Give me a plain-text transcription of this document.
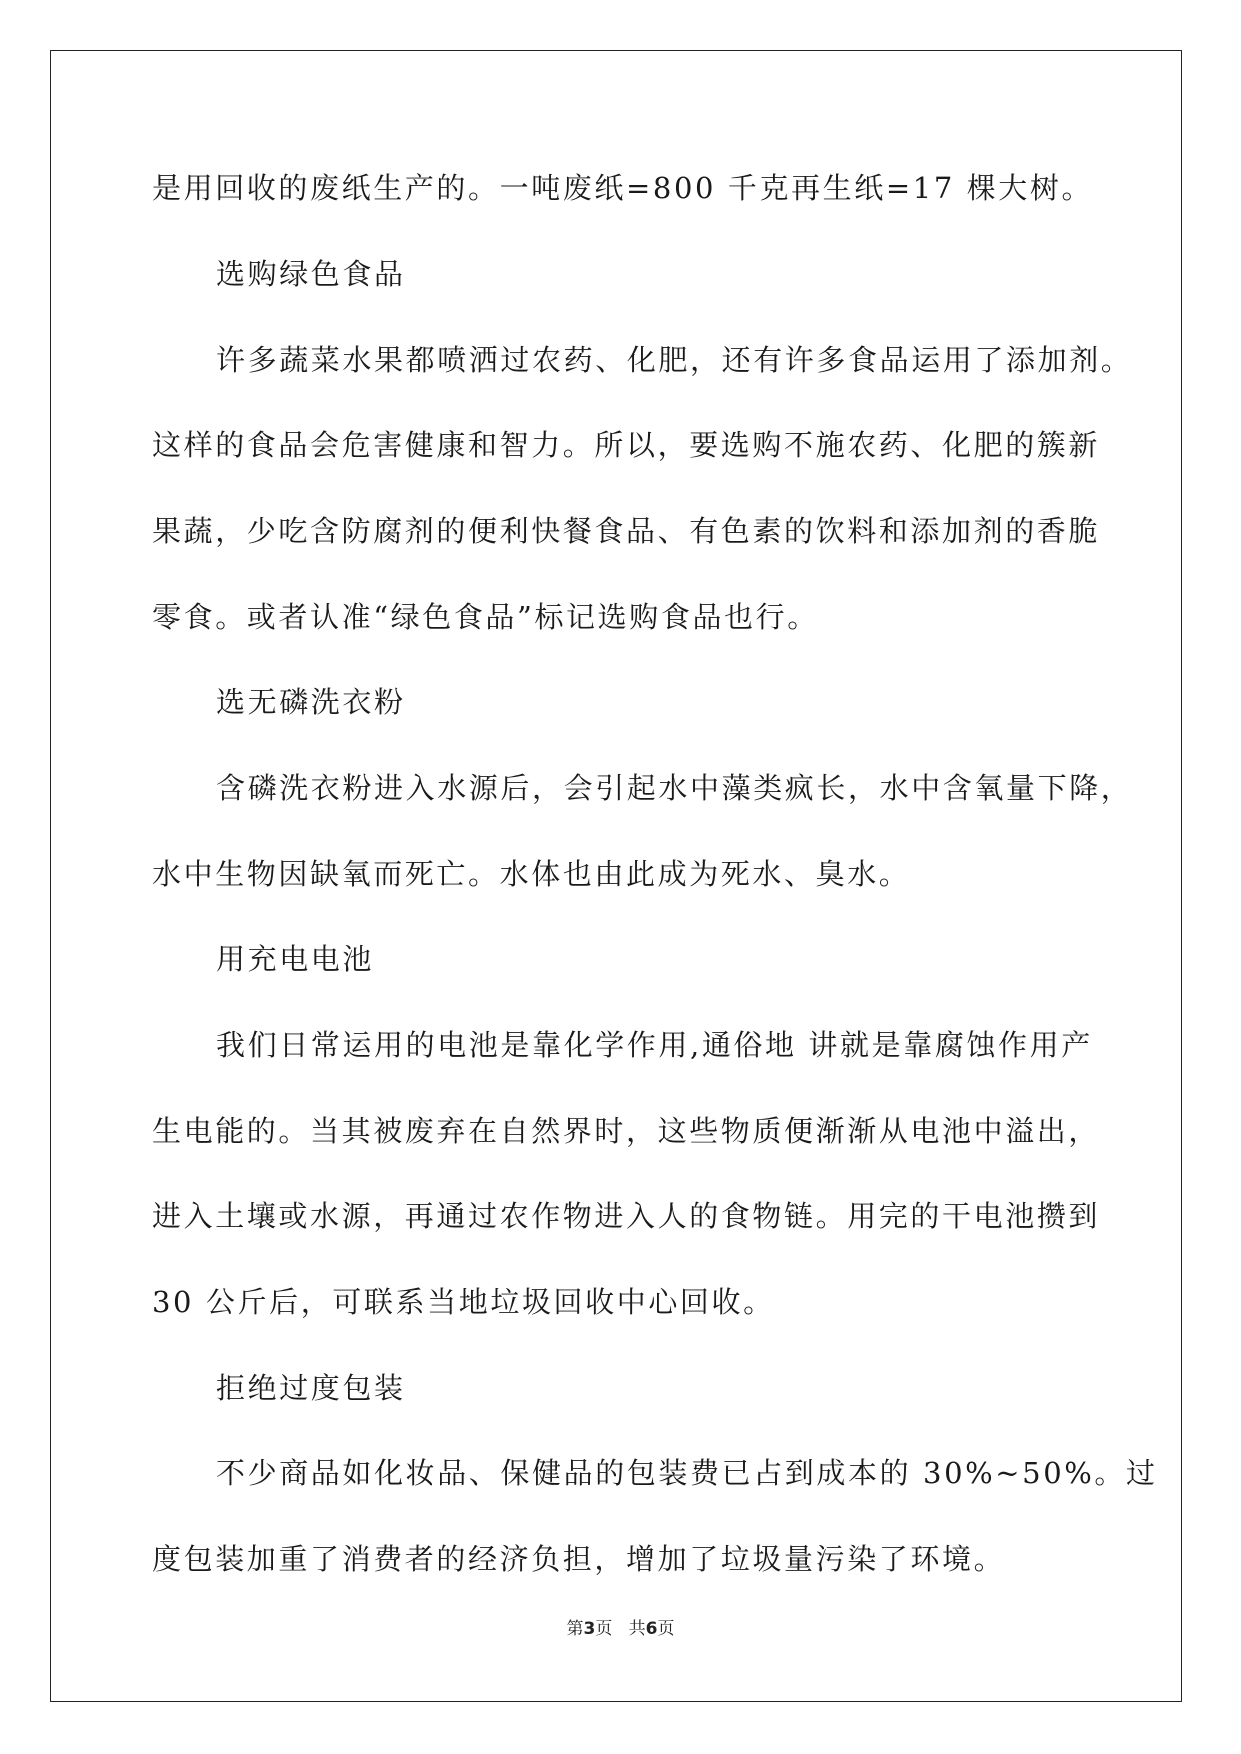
是用回收的废纸生产的。一吨废纸=800 千克再生纸=17 棵大树。
选购绿色食品
许多蔬菜水果都喷洒过农药、化肥，还有许多食品运用了添加剂。
这样的食品会危害健康和智力。所以，要选购不施农药、化肥的簇新
果蔬，少吃含防腐剂的便利快餐食品、有色素的饮料和添加剂的香脆
零食。或者认准“绿色食品”标记选购食品也行。
选无磷洗衣粉
含磷洗衣粉进入水源后，会引起水中藻类疯长，水中含氧量下降，
水中生物因缺氧而死亡。水体也由此成为死水、臭水。
用充电电池
我们日常运用的电池是靠化学作用,通俗地 讲就是靠腐蚀作用产
生电能的。当其被废弃在自然界时，这些物质便渐渐从电池中溢出，
进入土壤或水源，再通过农作物进入人的食物链。用完的干电池攒到
30 公斤后，可联系当地垃圾回收中心回收。
拒绝过度包装
不少商品如化妆品、保健品的包装费已占到成本的 30%~50%。过
度包装加重了消费者的经济负担，增加了垃圾量污染了环境。
第3页   共6页
